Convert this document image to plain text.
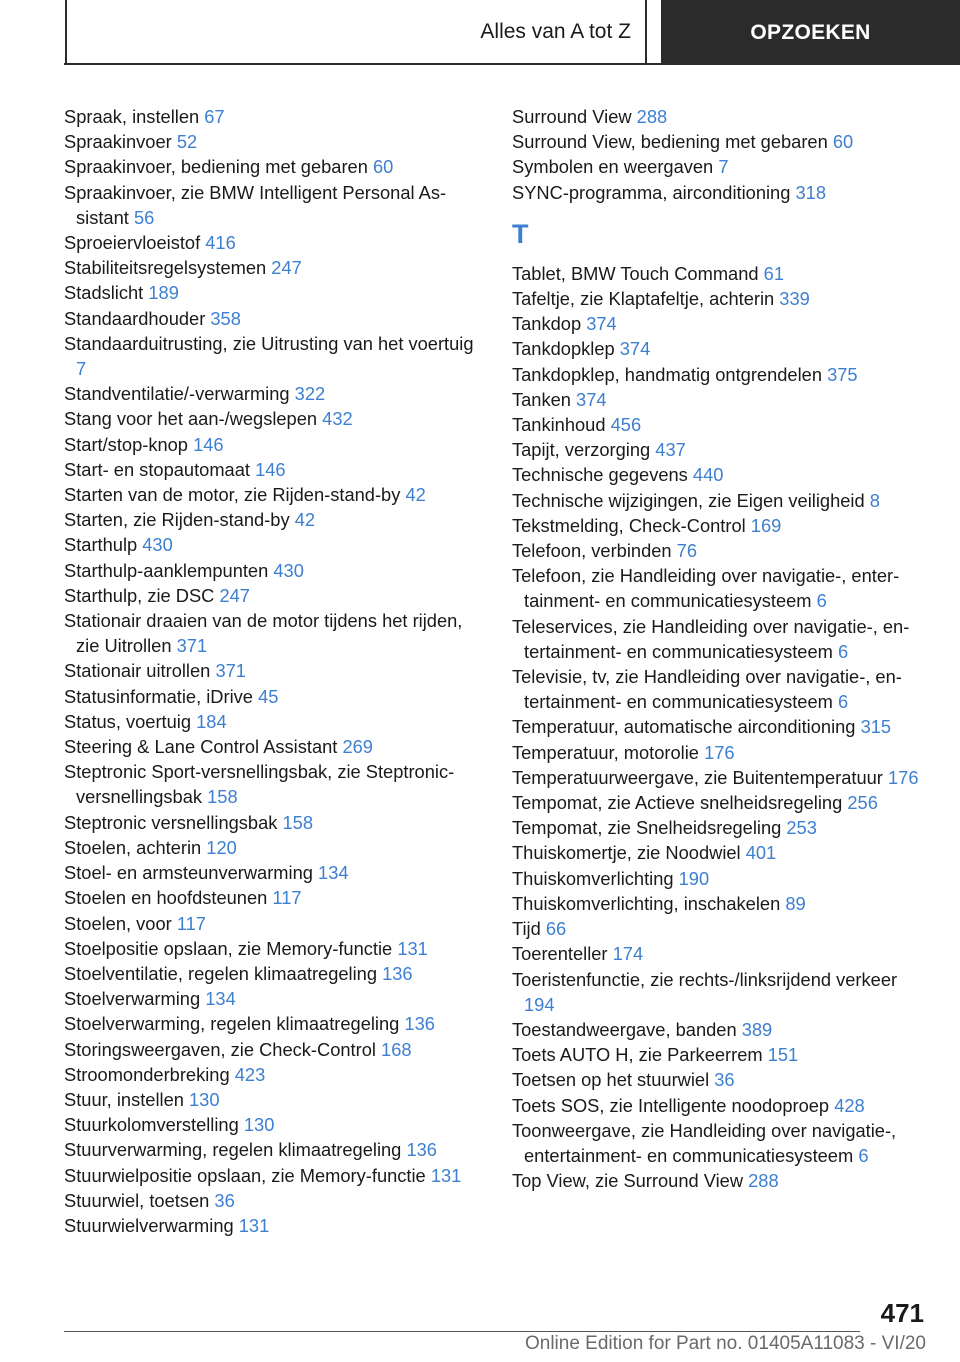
Alles van A tot Z	OPZOEKEN
Spraak, instellen 67
Spraakinvoer 52
Spraakinvoer, bediening met gebaren 60
Spraakinvoer, zie BMW Intelligent Personal Assistant 56
Sproeiervloeistof 416
Stabiliteitsregelsystemen 247
Stadslicht 189
Standaardhouder 358
Standaarduitrusting, zie Uitrusting van het voertuig 7
Standventilatie/-verwarming 322
Stang voor het aan-/wegslepen 432
Start/stop-knop 146
Start- en stopautomaat 146
Starten van de motor, zie Rijden-stand-by 42
Starten, zie Rijden-stand-by 42
Starthulp 430
Starthulp-aanklempunten 430
Starthulp, zie DSC 247
Stationair draaien van de motor tijdens het rijden, zie Uitrollen 371
Stationair uitrollen 371
Statusinformatie, iDrive 45
Status, voertuig 184
Steering & Lane Control Assistant 269
Steptronic Sport-versnellingsbak, zie Steptronic-versnellingsbak 158
Steptronic versnellingsbak 158
Stoelen, achterin 120
Stoel- en armsteunverwarming 134
Stoelen en hoofdsteunen 117
Stoelen, voor 117
Stoelpositie opslaan, zie Memory-functie 131
Stoelventilatie, regelen klimaatregeling 136
Stoelverwarming 134
Stoelverwarming, regelen klimaatregeling 136
Storingsweergaven, zie Check-Control 168
Stroomonderbreking 423
Stuur, instellen 130
Stuurkolomverstelling 130
Stuurverwarming, regelen klimaatregeling 136
Stuurwielpositie opslaan, zie Memory-functie 131
Stuurwiel, toetsen 36
Stuurwielverwarming 131
Surround View 288
Surround View, bediening met gebaren 60
Symbolen en weergaven 7
SYNC-programma, airconditioning 318
T
Tablet, BMW Touch Command 61
Tafeltje, zie Klaptafeltje, achterin 339
Tankdop 374
Tankdopklep 374
Tankdopklep, handmatig ontgrendelen 375
Tanken 374
Tankinhoud 456
Tapijt, verzorging 437
Technische gegevens 440
Technische wijzigingen, zie Eigen veiligheid 8
Tekstmelding, Check-Control 169
Telefoon, verbinden 76
Telefoon, zie Handleiding over navigatie-, entertainment- en communicatiesysteem 6
Teleservices, zie Handleiding over navigatie-, entertainment- en communicatiesysteem 6
Televisie, tv, zie Handleiding over navigatie-, entertainment- en communicatiesysteem 6
Temperatuur, automatische airconditioning 315
Temperatuur, motorolie 176
Temperatuurweergave, zie Buitentemperatuur 176
Tempomat, zie Actieve snelheidsregeling 256
Tempomat, zie Snelheidsregeling 253
Thuiskomertje, zie Noodwiel 401
Thuiskomverlichting 190
Thuiskomverlichting, inschakelen 89
Tijd 66
Toerenteller 174
Toeristenfunctie, zie rechts-/linksrijdend verkeer 194
Toestandweergave, banden 389
Toets AUTO H, zie Parkeerrem 151
Toetsen op het stuurwiel 36
Toets SOS, zie Intelligente noodoproep 428
Toonweergave, zie Handleiding over navigatie-, entertainment- en communicatiesysteem 6
Top View, zie Surround View 288
471
Online Edition for Part no. 01405A11083 - VI/20
